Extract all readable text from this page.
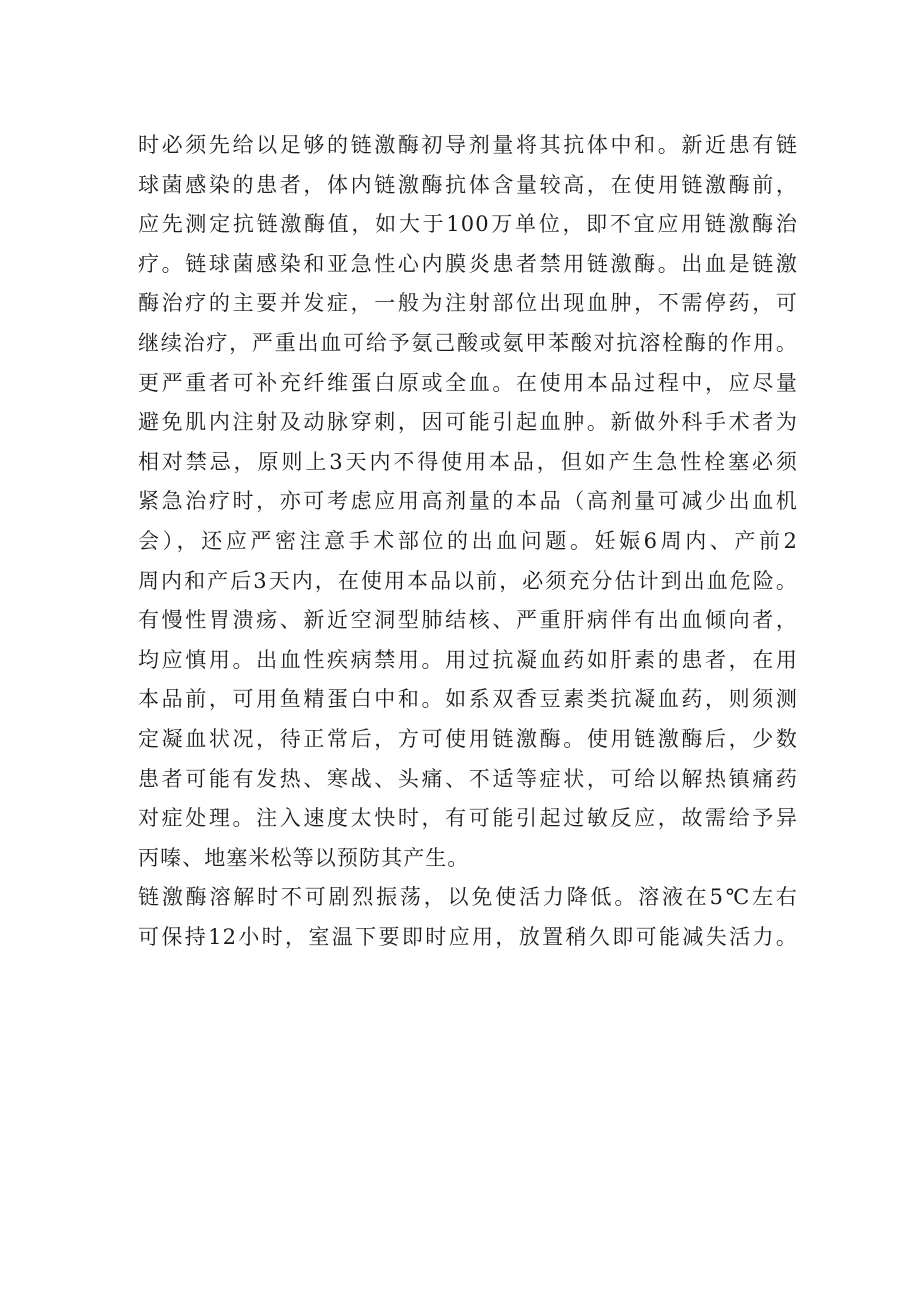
时必须先给以足够的链激酶初导剂量将其抗体中和。新近患有链
球菌感染的患者，体内链激酶抗体含量较高，在使用链激酶前，
应先测定抗链激酶值，如大于100万单位，即不宜应用链激酶治
疗。链球菌感染和亚急性心内膜炎患者禁用链激酶。出血是链激
酶治疗的主要并发症，一般为注射部位出现血肿，不需停药，可
继续治疗，严重出血可给予氨己酸或氨甲苯酸对抗溶栓酶的作用。
更严重者可补充纤维蛋白原或全血。在使用本品过程中，应尽量
避免肌内注射及动脉穿刺，因可能引起血肿。新做外科手术者为
相对禁忌，原则上3天内不得使用本品，但如产生急性栓塞必须
紧急治疗时，亦可考虑应用高剂量的本品（高剂量可减少出血机
会），还应严密注意手术部位的出血问题。妊娠6周内、产前2
周内和产后3天内，在使用本品以前，必须充分估计到出血危险。
有慢性胃溃疡、新近空洞型肺结核、严重肝病伴有出血倾向者，
均应慎用。出血性疾病禁用。用过抗凝血药如肝素的患者，在用
本品前，可用鱼精蛋白中和。如系双香豆素类抗凝血药，则须测
定凝血状况，待正常后，方可使用链激酶。使用链激酶后，少数
患者可能有发热、寒战、头痛、不适等症状，可给以解热镇痛药
对症处理。注入速度太快时，有可能引起过敏反应，故需给予异
丙嗪、地塞米松等以预防其产生。
链激酶溶解时不可剧烈振荡，以免使活力降低。溶液在5℃左右
可保持12小时，室温下要即时应用，放置稍久即可能减失活力。
